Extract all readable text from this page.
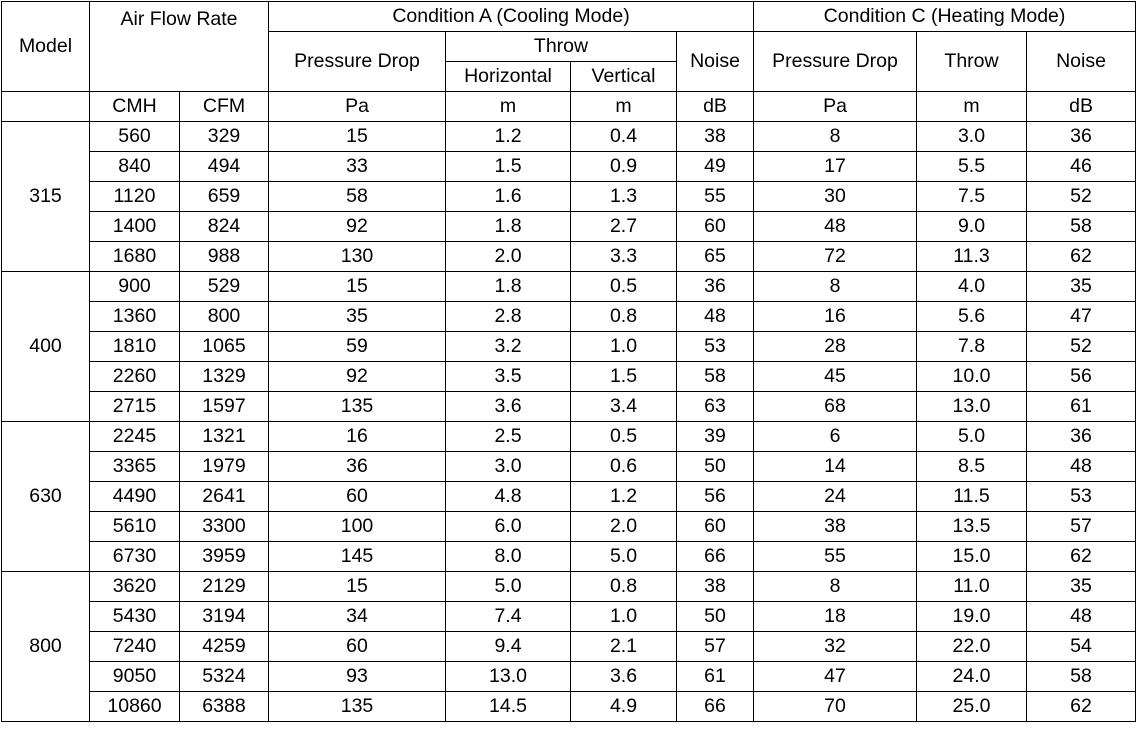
Model	Air Flow Rate		Condition A (Cooling Mode)				Condition C (Heating Mode)		
			Pressure Drop	Throw		Noise	Pressure Drop	Throw	Noise
				Horizontal	Vertical				
	CMH	CFM	Pa	m	m	dB	Pa	m	dB
315	560	329	15	1.2	0.4	38	8	3.0	36
	840	494	33	1.5	0.9	49	17	5.5	46
	1120	659	58	1.6	1.3	55	30	7.5	52
	1400	824	92	1.8	2.7	60	48	9.0	58
	1680	988	130	2.0	3.3	65	72	11.3	62
400	900	529	15	1.8	0.5	36	8	4.0	35
	1360	800	35	2.8	0.8	48	16	5.6	47
	1810	1065	59	3.2	1.0	53	28	7.8	52
	2260	1329	92	3.5	1.5	58	45	10.0	56
	2715	1597	135	3.6	3.4	63	68	13.0	61
630	2245	1321	16	2.5	0.5	39	6	5.0	36
	3365	1979	36	3.0	0.6	50	14	8.5	48
	4490	2641	60	4.8	1.2	56	24	11.5	53
	5610	3300	100	6.0	2.0	60	38	13.5	57
	6730	3959	145	8.0	5.0	66	55	15.0	62
800	3620	2129	15	5.0	0.8	38	8	11.0	35
	5430	3194	34	7.4	1.0	50	18	19.0	48
	7240	4259	60	9.4	2.1	57	32	22.0	54
	9050	5324	93	13.0	3.6	61	47	24.0	58
	10860	6388	135	14.5	4.9	66	70	25.0	62
